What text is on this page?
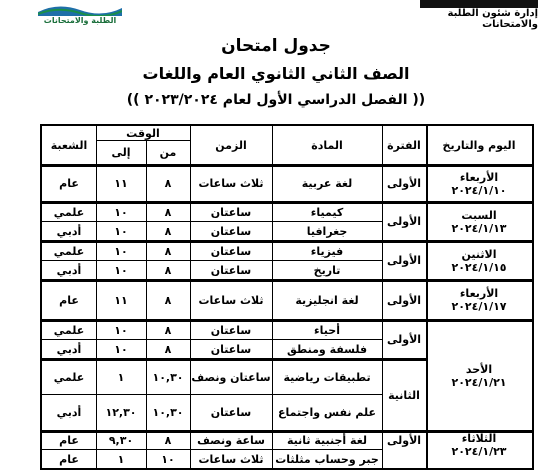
الطلبة والامتحانات
إدارة شئون الطلبة والامتحانات
جدول امتحان
الصف الثاني الثانوي العام واللغات
(( الفصل الدراسي الأول لعام ٢٠٢٣/٢٠٢٤ ))
اليوم والتاريخ
الفترة
المادة
الزمن
الوقت
من
إلى
الشعبة
الأربعاء
٢٠٢٤/١/١٠
الأولى
لغة عربية
ثلاث ساعات
٨
١١
عام
السبت
٢٠٢٤/١/١٣
الأولى
كيمياء
ساعتان
٨
١٠
علمي
جغرافيا
ساعتان
٨
١٠
أدبي
الاثنين
٢٠٢٤/١/١٥
الأولى
فيزياء
ساعتان
٨
١٠
علمي
تاريخ
ساعتان
٨
١٠
أدبي
الأربعاء
٢٠٢٤/١/١٧
الأولى
لغة انجليزية
ثلاث ساعات
٨
١١
عام
الأحد
٢٠٢٤/١/٢١
الأولى
أحياء
ساعتان
٨
١٠
علمي
فلسفة ومنطق
ساعتان
٨
١٠
أدبي
الثانية
تطبيقات رياضية
ساعتان ونصف
١٠,٣٠
١
علمي
علم نفس واجتماع
ساعتان
١٠,٣٠
١٢,٣٠
أدبي
الثلاثاء
٢٠٢٤/١/٢٣
الأولى
لغة أجنبية ثانية
ساعة ونصف
٨
٩,٣٠
عام
جبر وحساب مثلثات
ثلاث ساعات
١٠
١
عام
